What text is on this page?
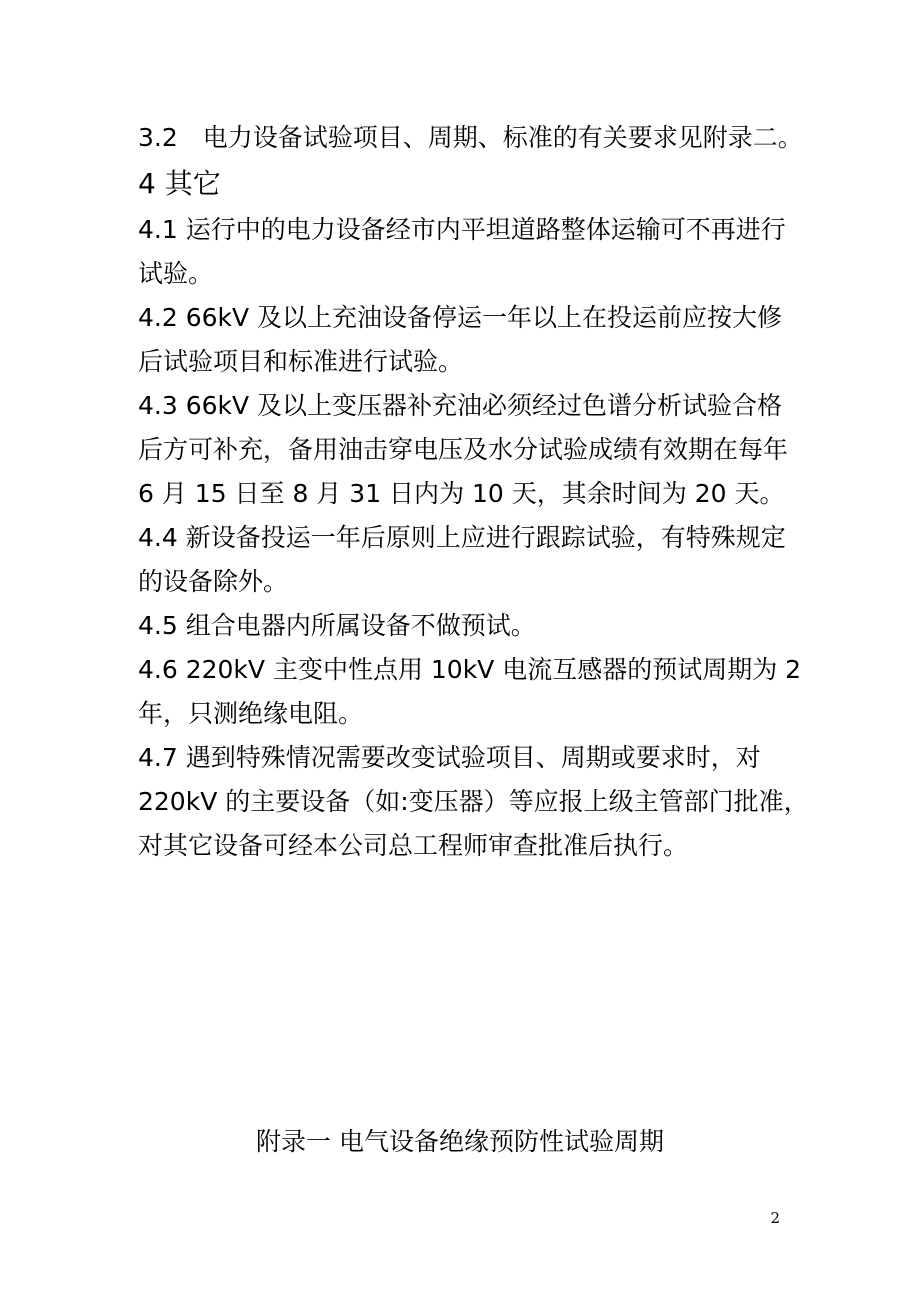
3.2　电力设备试验项目、周期、标准的有关要求见附录二。
4 其它
4.1 运行中的电力设备经市内平坦道路整体运输可不再进行
试验。
4.2 66kV 及以上充油设备停运一年以上在投运前应按大修
后试验项目和标准进行试验。
4.3 66kV 及以上变压器补充油必须经过色谱分析试验合格
后方可补充，备用油击穿电压及水分试验成绩有效期在每年
6 月 15 日至 8 月 31 日内为 10 天，其余时间为 20 天。
4.4 新设备投运一年后原则上应进行跟踪试验，有特殊规定
的设备除外。
4.5 组合电器内所属设备不做预试。
4.6 220kV 主变中性点用 10kV 电流互感器的预试周期为 2
年，只测绝缘电阻。
4.7 遇到特殊情况需要改变试验项目、周期或要求时，对
220kV 的主要设备（如:变压器）等应报上级主管部门批准，
对其它设备可经本公司总工程师审查批准后执行。
附录一 电气设备绝缘预防性试验周期
2
